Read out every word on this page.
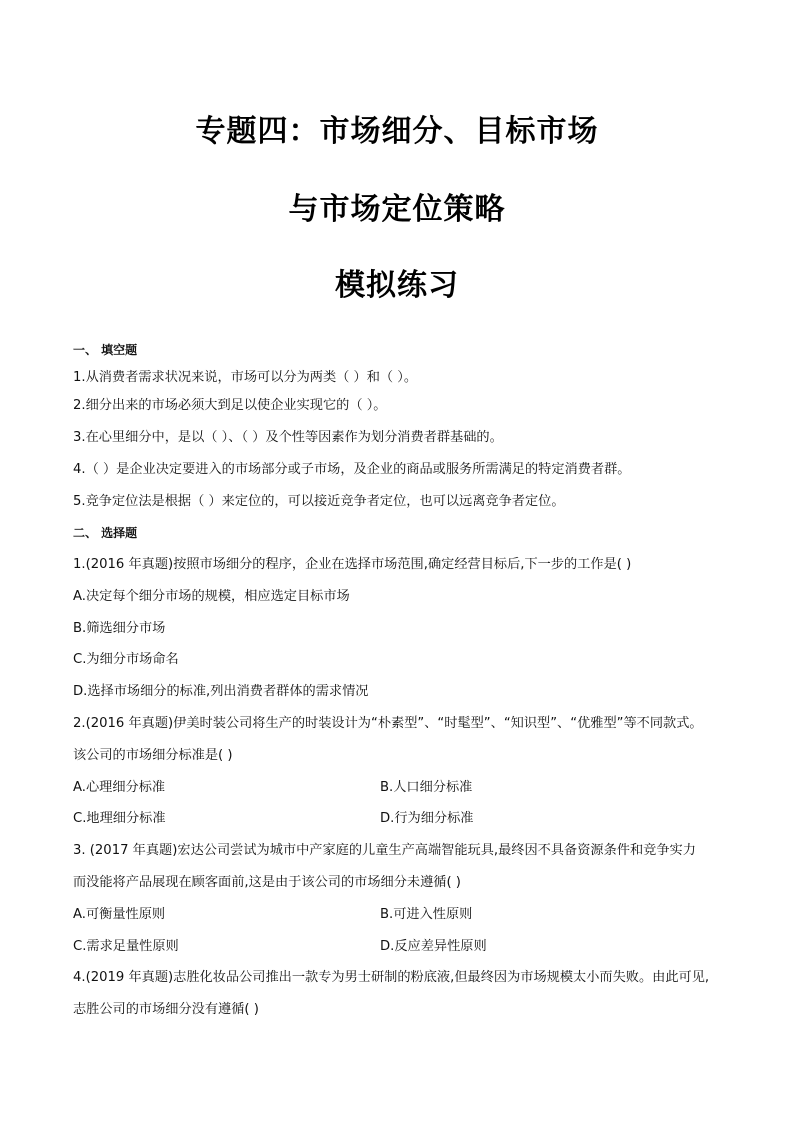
专题四：市场细分、目标市场
与市场定位策略
模拟练习
一、 填空题
1.从消费者需求状况来说，市场可以分为两类（ ）和（ ）。
2.细分出来的市场必须大到足以使企业实现它的（ ）。
3.在心里细分中，是以（ ）、（ ）及个性等因素作为划分消费者群基础的。
4.（ ）是企业决定要进入的市场部分或子市场，及企业的商品或服务所需满足的特定消费者群。
5.竞争定位法是根据（ ）来定位的，可以接近竞争者定位，也可以远离竞争者定位。
二、 选择题
1.(2016 年真题)按照市场细分的程序，企业在选择市场范围,确定经营目标后,下一步的工作是( )
A.决定每个细分市场的规模，相应选定目标市场
B.筛选细分市场
C.为细分市场命名
D.选择市场细分的标准,列出消费者群体的需求情况
2.(2016 年真题)伊美时装公司将生产的时装设计为“朴素型”、“时髦型”、“知识型”、“优雅型”等不同款式。
该公司的市场细分标准是( )
A.心理细分标准	B.人口细分标准
C.地理细分标准	D.行为细分标准
3. (2017 年真题)宏达公司尝试为城市中产家庭的儿童生产高端智能玩具,最终因不具备资源条件和竞争实力
而没能将产品展现在顾客面前,这是由于该公司的市场细分未遵循( )
A.可衡量性原则	B.可进入性原则
C.需求足量性原则	D.反应差异性原则
4.(2019 年真题)志胜化妆品公司推出一款专为男士研制的粉底液,但最终因为市场规模太小而失败。由此可见,
志胜公司的市场细分没有遵循( )
